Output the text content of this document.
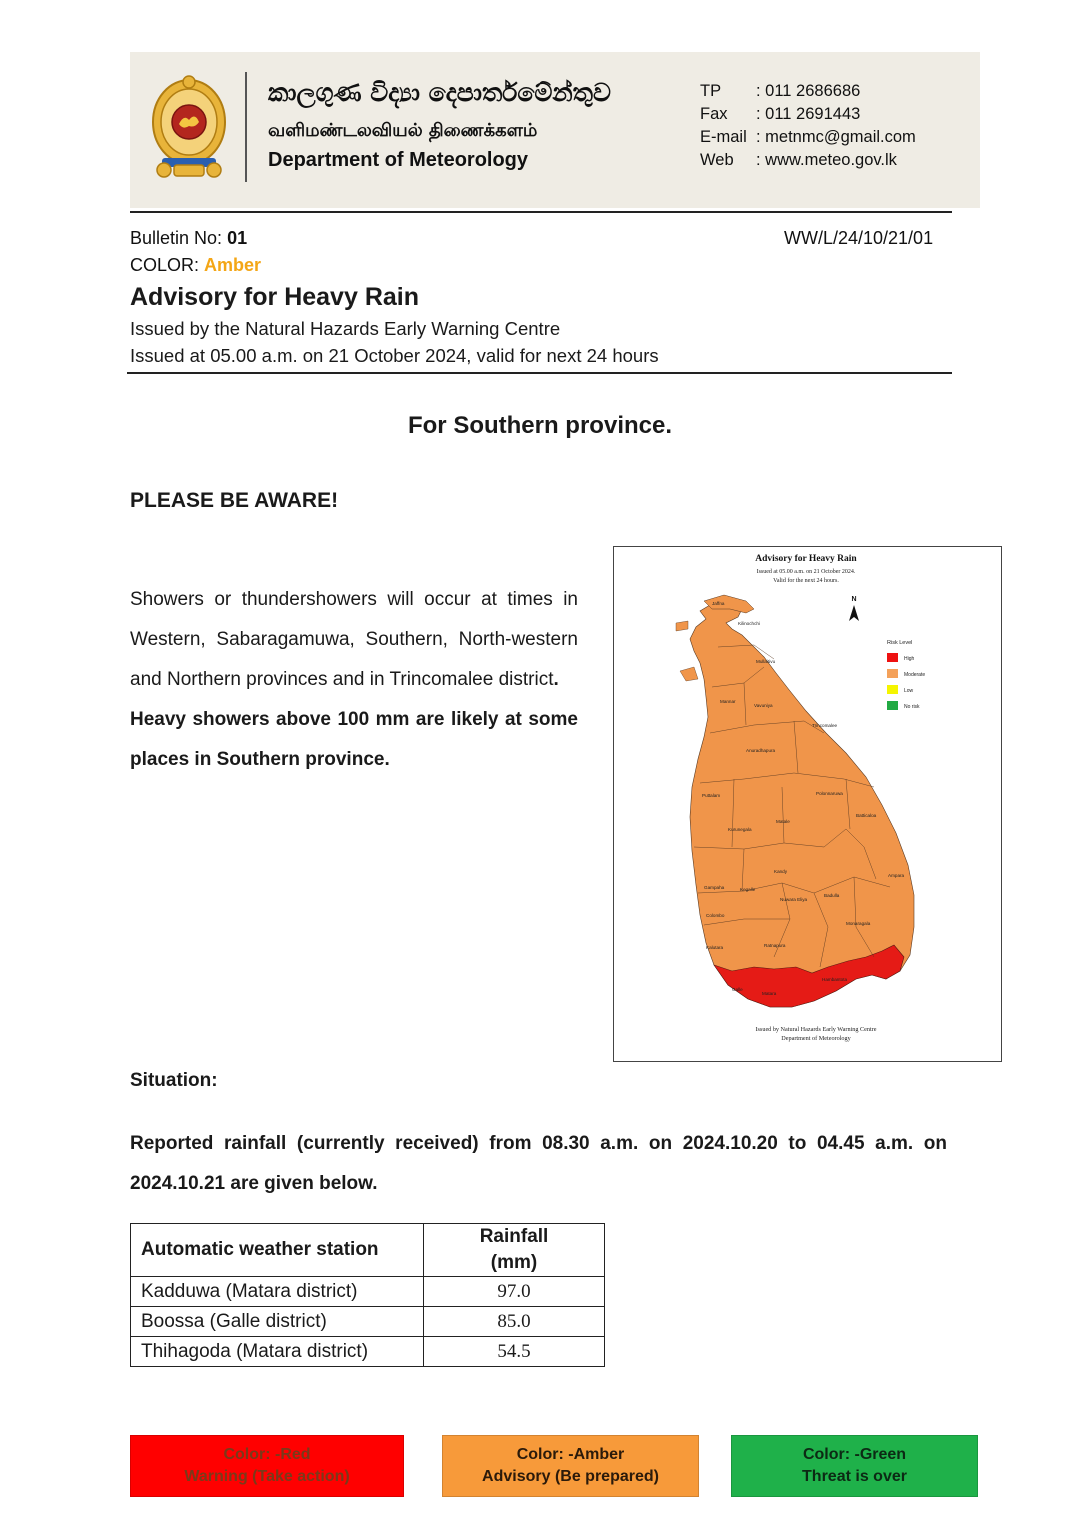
කාලගුණ විද්‍යා දෙපාර්තමේන්තුව
வளிமண்டலவியல் திணைக்களம்
Department of Meteorology
TP : 011 2686686
Fax : 011 2691443
E-mail : metnmc@gmail.com
Web : www.meteo.gov.lk
Bulletin No: 01	WW/L/24/10/21/01
COLOR: Amber
Advisory for Heavy Rain
Issued by the Natural Hazards Early Warning Centre
Issued at 05.00 a.m. on 21 October 2024, valid for next 24 hours
For Southern province.
PLEASE BE AWARE!
Showers or thundershowers will occur at times in Western, Sabaragamuwa, Southern, North-western and Northern provinces and in Trincomalee district.
Heavy showers above 100 mm are likely at some places in Southern province.
Advisory for Heavy Rain
Issued at 05.00 a.m. on 21 October 2024.
Valid for the next 24 hours.
N
Jaffna
Kilinochchi
Mullaitivu
Mannar
Vavuniya
Trincomalee
Anuradhapura
Puttalam	Polonnaruwa
Batticaloa
Matale
Kurunegala
Kandy
Ampara
Gampaha	Kegalle
Nuwara Eliya
Badulla
Colombo
Monaragala
Kalutara	Ratnapura
Galle
Matara
Hambantota
Risk Level
High
Moderate
Low
No risk
Issued by Natural Hazards Early Warning Centre
Department of Meteorology
Situation:
Reported rainfall (currently received) from 08.30 a.m. on 2024.10.20 to 04.45 a.m. on 2024.10.21 are given below.
Automatic weather station	Rainfall
(mm)
Kadduwa (Matara district)	97.0
Boossa (Galle district)	85.0
Thihagoda (Matara district)	54.5
Color: -Red
Warning (Take action)
Color: -Amber
Advisory (Be prepared)
Color: -Green
Threat is over
